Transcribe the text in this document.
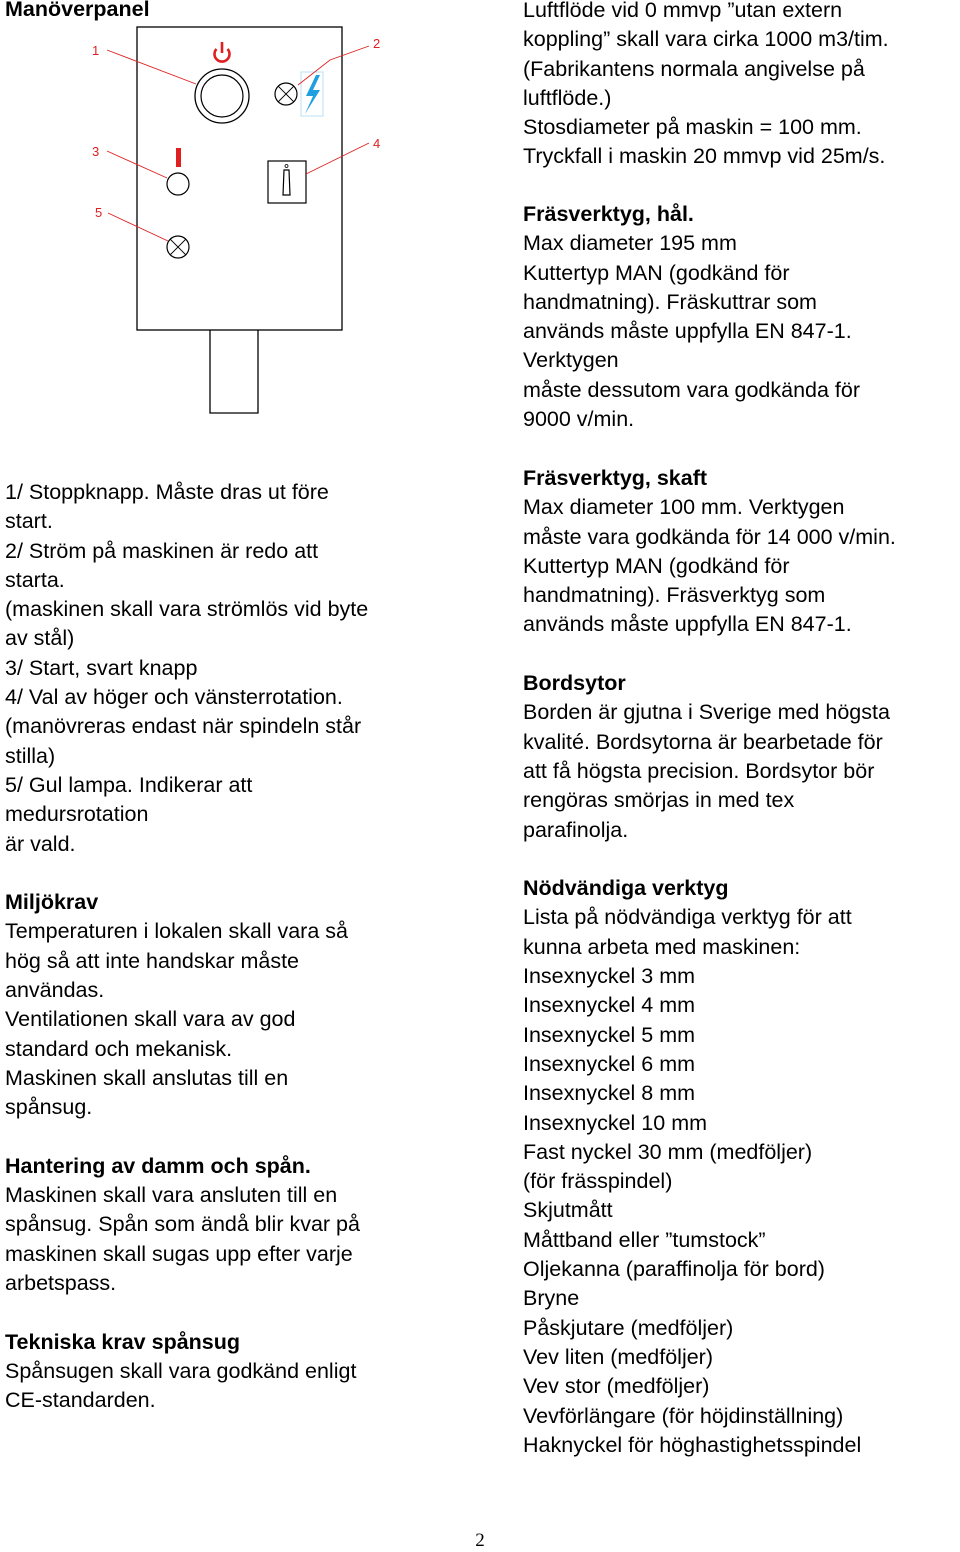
Manöverpanel
1	2
3
4
5
1/ Stoppknapp. Måste dras ut före
start.
2/ Ström på maskinen är redo att
starta.
(maskinen skall vara strömlös vid byte
av stål)
3/ Start, svart knapp
4/ Val av höger och vänsterrotation.
(manövreras endast när spindeln står
stilla)
5/ Gul lampa. Indikerar att
medursrotation
är vald.
Miljökrav
Temperaturen i lokalen skall vara så
hög så att inte handskar måste
användas.
Ventilationen skall vara av god
standard och mekanisk.
Maskinen skall anslutas till en
spånsug.
Hantering av damm och spån.
Maskinen skall vara ansluten till en
spånsug. Spån som ändå blir kvar på
maskinen skall sugas upp efter varje
arbetspass.
Tekniska krav spånsug
Spånsugen skall vara godkänd enligt
CE-standarden.
Luftflöde vid 0 mmvp ”utan extern
koppling” skall vara cirka 1000 m3/tim.
(Fabrikantens normala angivelse på
luftflöde.)
Stosdiameter på maskin = 100 mm.
Tryckfall i maskin 20 mmvp vid 25m/s.
Fräsverktyg, hål.
Max diameter 195 mm
Kuttertyp MAN (godkänd för
handmatning). Fräskuttrar som
används måste uppfylla EN 847-1.
Verktygen
måste dessutom vara godkända för
9000 v/min.
Fräsverktyg, skaft
Max diameter 100 mm. Verktygen
måste vara godkända för 14 000 v/min.
Kuttertyp MAN (godkänd för
handmatning). Fräsverktyg som
används måste uppfylla EN 847-1.
Bordsytor
Borden är gjutna i Sverige med högsta
kvalité. Bordsytorna är bearbetade för
att få högsta precision. Bordsytor bör
rengöras smörjas in med tex
parafinolja.
Nödvändiga verktyg
Lista på nödvändiga verktyg för att
kunna arbeta med maskinen:
Insexnyckel 3 mm
Insexnyckel 4 mm
Insexnyckel 5 mm
Insexnyckel 6 mm
Insexnyckel 8 mm
Insexnyckel 10 mm
Fast nyckel 30 mm (medföljer)
(för frässpindel)
Skjutmått
Måttband eller ”tumstock”
Oljekanna (paraffinolja för bord)
Bryne
Påskjutare (medföljer)
Vev liten (medföljer)
Vev stor (medföljer)
Vevförlängare (för höjdinställning)
Haknyckel för höghastighetsspindel
2
